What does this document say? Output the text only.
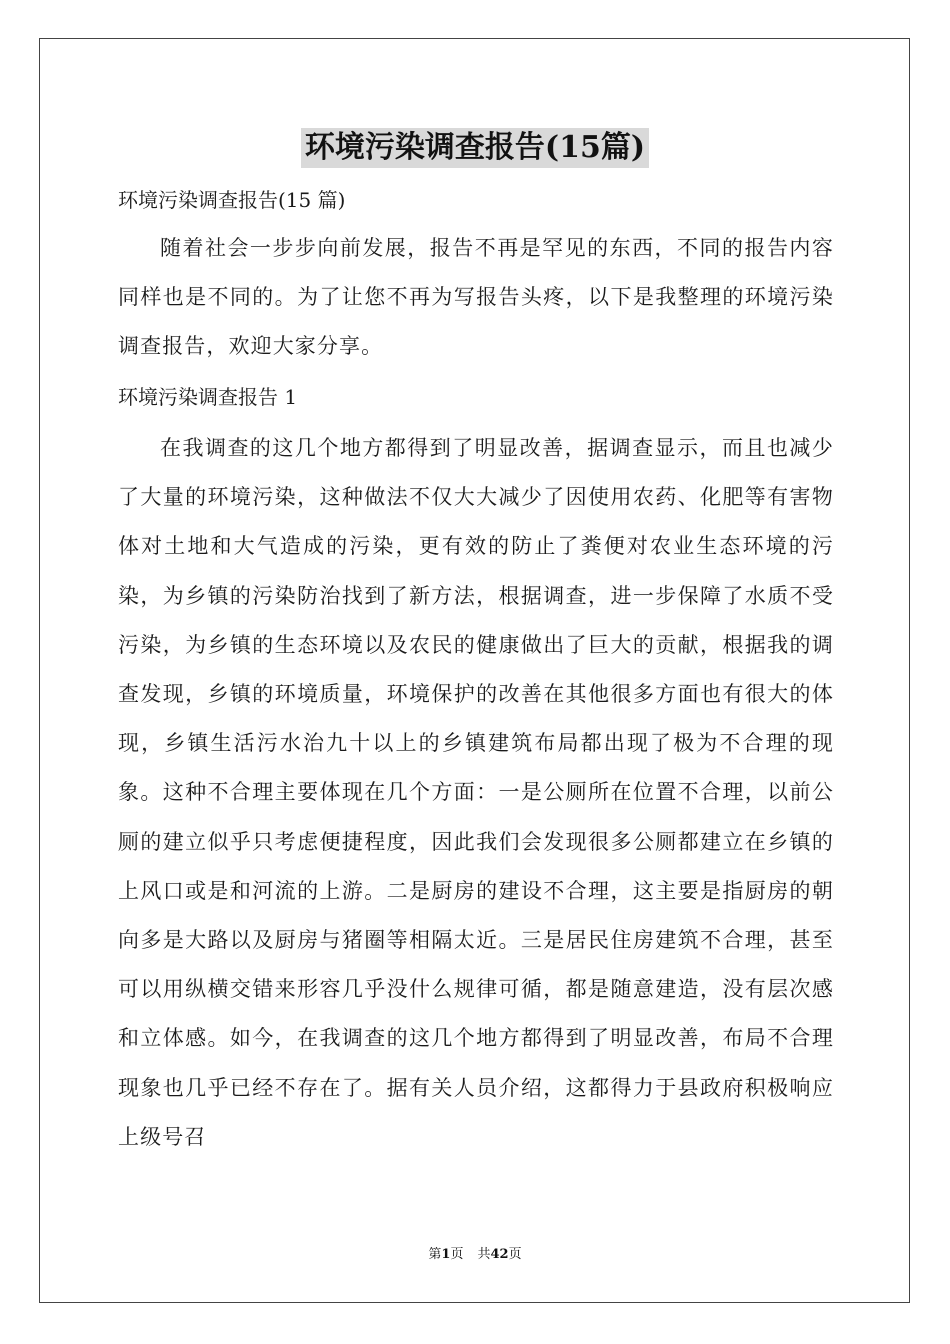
环境污染调查报告(15篇)
环境污染调查报告(15 篇)

随着社会一步步向前发展，报告不再是罕见的东西，不同的报告内容同样也是不同的。为了让您不再为写报告头疼，以下是我整理的环境污染调查报告，欢迎大家分享。

环境污染调查报告 1

在我调查的这几个地方都得到了明显改善，据调查显示，而且也减少了大量的环境污染，这种做法不仅大大减少了因使用农药、化肥等有害物体对土地和大气造成的污染，更有效的防止了粪便对农业生态环境的污染，为乡镇的污染防治找到了新方法，根据调查，进一步保障了水质不受污染，为乡镇的生态环境以及农民的健康做出了巨大的贡献，根据我的调查发现，乡镇的环境质量，环境保护的改善在其他很多方面也有很大的体现，乡镇生活污水治九十以上的乡镇建筑布局都出现了极为不合理的现象。这种不合理主要体现在几个方面：一是公厕所在位置不合理，以前公厕的建立似乎只考虑便捷程度，因此我们会发现很多公厕都建立在乡镇的上风口或是和河流的上游。二是厨房的建设不合理，这主要是指厨房的朝向多是大路以及厨房与猪圈等相隔太近。三是居民住房建筑不合理，甚至可以用纵横交错来形容几乎没什么规律可循，都是随意建造，没有层次感和立体感。如今，在我调查的这几个地方都得到了明显改善，布局不合理现象也几乎已经不存在了。据有关人员介绍，这都得力于县政府积极响应上级号召

第1页 共42页
